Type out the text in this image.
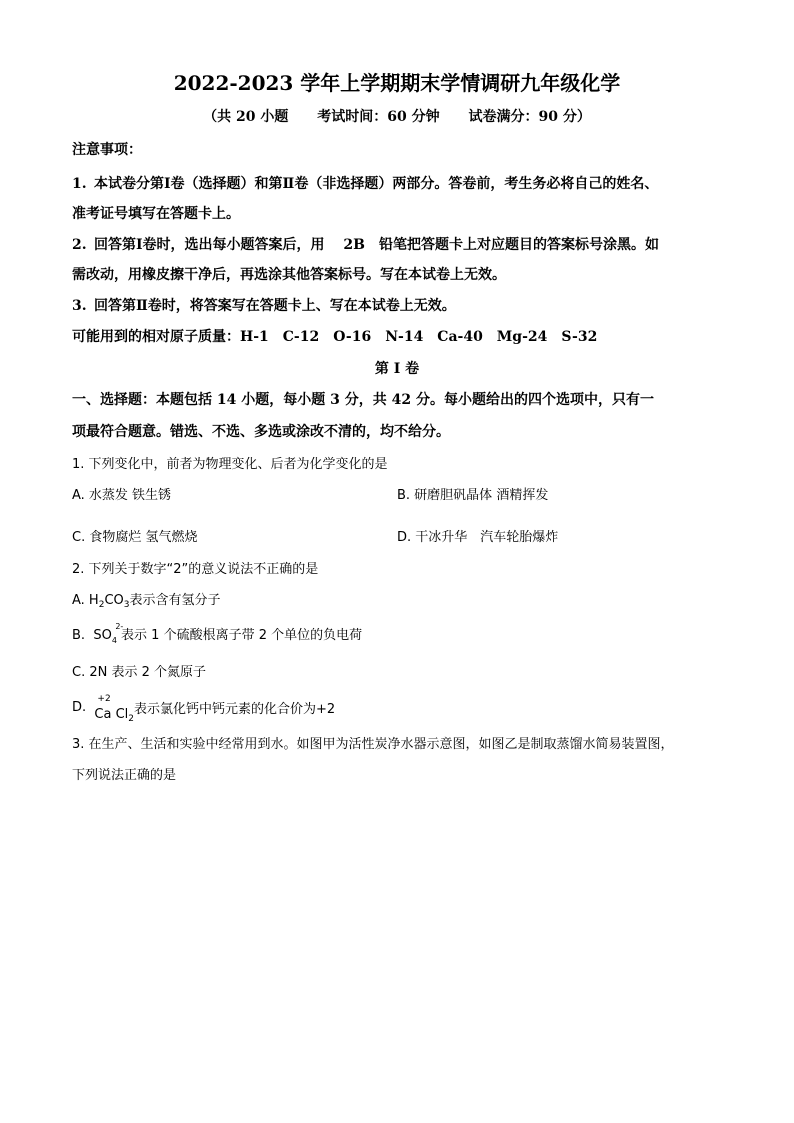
2022-2023 学年上学期期末学情调研九年级化学
（共 20 小题 考试时间：60 分钟 试卷满分：90 分）
注意事项：
1. 本试卷分第Ⅰ卷（选择题）和第Ⅱ卷（非选择题）两部分。答卷前，考生务必将自己的姓名、
准考证号填写在答题卡上。
2. 回答第Ⅰ卷时，选出每小题答案后，用　 2B　铅笔把答题卡上对应题目的答案标号涂黑。如
需改动，用橡皮擦干净后，再选涂其他答案标号。写在本试卷上无效。
3. 回答第Ⅱ卷时，将答案写在答题卡上、写在本试卷上无效。
可能用到的相对原子质量：H-1　C-12　O-16　N-14　Ca-40　Mg-24　S-32
第 Ⅰ 卷
一、选择题：本题包括 14 小题，每小题 3 分，共 42 分。每小题给出的四个选项中，只有一
项最符合题意。错选、不选、多选或涂改不清的，均不给分。
1. 下列变化中，前者为物理变化、后者为化学变化的是
A. 水蒸发 铁生锈	B. 研磨胆矾晶体 酒精挥发
C. 食物腐烂 氢气燃烧	D. 干冰升华　汽车轮胎爆炸
2. 下列关于数字“2”的意义说法不正确的是
A. $H_2CO_3$表示含有氢分子
B. SO
2-
$_4$ 表示 1 个硫酸根离子带 2 个单位的负电荷
C. 2N 表示 2 个氮原子
D.
+2
Ca $Cl_2$表示氯化钙中钙元素的化合价为+2
3. 在生产、生活和实验中经常用到水。如图甲为活性炭净水器示意图，如图乙是制取蒸馏水简易装置图，
下列说法正确的是
